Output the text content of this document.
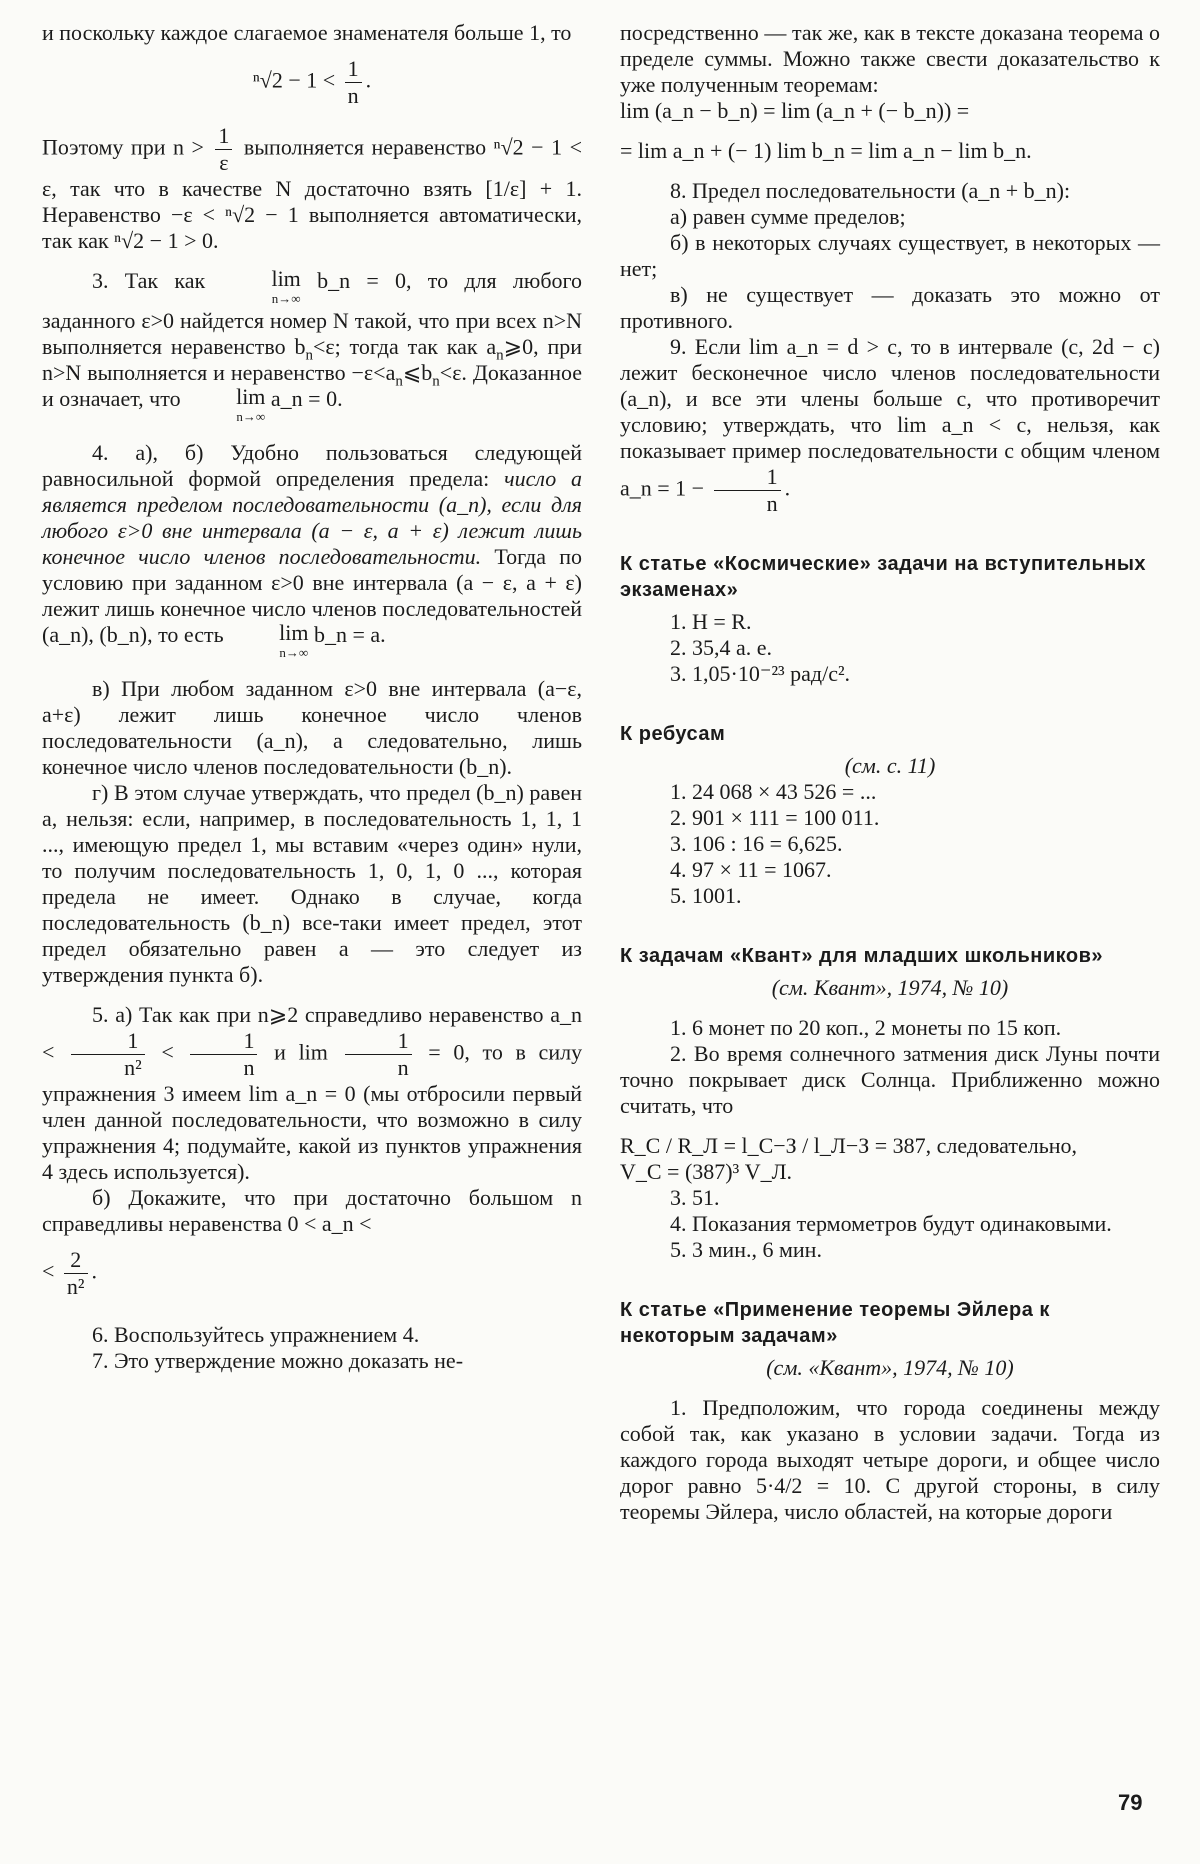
и поскольку каждое слагаемое знаменателя больше 1, то

$^n√2 - 1 < \frac{1}{n}$ .

Поэтому при $n > \frac{1}{\varepsilon}$ выполняется неравенство ⁿ√2 − 1 < ε, так что в качестве N достаточно взять [1/ε] + 1. Неравенство −ε < ⁿ√2 − 1 выполняется автоматически, так как ⁿ√2 − 1 > 0.

3. Так как	lim
n→∞
b_n = 0, то для любого заданного ε>0 найдется номер N такой, что при всех n>N выполняется неравенство $b_n<\varepsilon$; тогда так как $a_n⩾0$, при n>N выполняется и неравенство $-\varepsilon<a_n⩽b_n<\varepsilon$. Доказанное и означает, что	lim
n→∞
a_n = 0.

4. а), б) Удобно пользоваться следующей равносильной формой определения предела: число a является пределом последовательности (a_n), если для любого ε>0 вне интервала (a − ε, a + ε) лежит лишь конечное число членов последовательности. Тогда по условию при заданном ε>0 вне интервала (a − ε, a + ε) лежит лишь конечное число членов последовательностей (a_n), (b_n), то есть	lim
n→∞
b_n = a.

в) При любом заданном ε>0 вне интервала (a−ε, a+ε) лежит лишь конечное число членов последовательности (a_n), а следовательно, лишь конечное число членов последовательности (b_n).

г) В этом случае утверждать, что предел (b_n) равен a, нельзя: если, например, в последовательность 1, 1, 1 ..., имеющую предел 1, мы вставим «через один» нули, то получим последовательность 1, 0, 1, 0 ..., которая предела не имеет. Однако в случае, когда последовательность (b_n) все-таки имеет предел, этот предел обязательно равен a — это следует из утверждения пункта б).

5. а) Так как при n⩾2 справедливо неравенство a_n < $\frac{1}{\text{n²}} < \frac{1}{n}$ и $\lim \frac{1}{n} = 0$, то в силу упражнения 3 имеем lim a_n = 0 (мы отбросили первый член данной последовательности, что возможно в силу упражнения 4; подумайте, какой из пунктов упражнения 4 здесь используется).

б) Докажите, что при достаточно большом n справедливы неравенства 0 < a_n <

< $\frac{2}{\text{n²}}$ .

6. Воспользуйтесь упражнением 4.

7. Это утверждение можно доказать не-

посредственно — так же, как в тексте доказана теорема о пределе суммы. Можно также свести доказательство к уже полученным теоремам:

lim (a_n − b_n) = lim (a_n + (− b_n)) =

= lim a_n + (− 1) lim b_n = lim a_n − lim b_n.

8. Предел последовательности (a_n + b_n):

а) равен сумме пределов;

б) в некоторых случаях существует, в некоторых — нет;

в) не существует — доказать это можно от противного.

9. Если lim a_n = d > c, то в интервале (c, 2d − c) лежит бесконечное число членов последовательности (a_n), и все эти члены больше c, что противоречит условию; утверждать, что lim a_n < c, нельзя, как показывает пример последовательности с общим членом a_n = $1 - \frac{1}{n}$ .

К статье «Космические» задачи на вступительных экзаменах»

1. H = R.

2. 35,4 а. е.

3. 1,05·10⁻²³ рад/с².

К ребусам

(см. с. 11)

1. 24 068 × 43 526 = ...

2. 901 × 111 = 100 011.

3. 106 : 16 = 6,625.

4. 97 × 11 = 1067.

5. 1001.

К задачам «Квант» для младших школьников»

(см. Квант», 1974, № 10)

1. 6 монет по 20 коп., 2 монеты по 15 коп.

2. Во время солнечного затмения диск Луны почти точно покрывает диск Солнца. Приближенно можно считать, что

R_С / R_Л = l_С−З / l_Л−З = 387, следовательно,

V_С = (387)³ V_Л.

3. 51.

4. Показания термометров будут одинаковыми.

5. 3 мин., 6 мин.

К статье «Применение теоремы Эйлера к некоторым задачам»

(см. «Квант», 1974, № 10)

1. Предположим, что города соединены между собой так, как указано в условии задачи. Тогда из каждого города выходят четыре дороги, и общее число дорог равно 5·4/2 = 10. С другой стороны, в силу теоремы Эйлера, число областей, на которые дороги

79
